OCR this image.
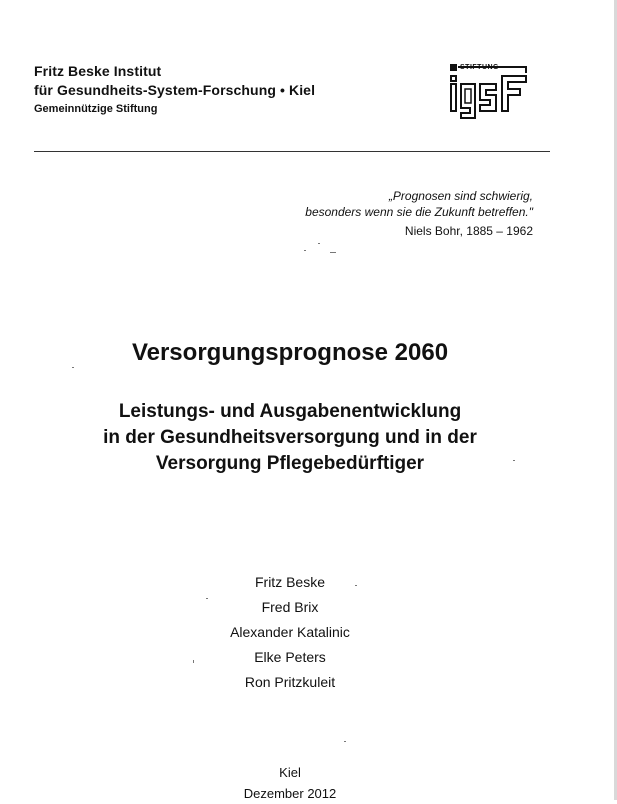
Fritz Beske Institut
für Gesundheits-System-Forschung • Kiel
Gemeinnützige Stiftung
STIFTUNG
„Prognosen sind schwierig,
besonders wenn sie die Zukunft betreffen."
Niels Bohr, 1885 – 1962
Versorgungsprognose 2060
Leistungs- und Ausgabenentwicklung
in der Gesundheitsversorgung und in der
Versorgung Pflegebedürftiger
Fritz Beske
Fred Brix
Alexander Katalinic
Elke Peters
Ron Pritzkuleit
Kiel
Dezember 2012
